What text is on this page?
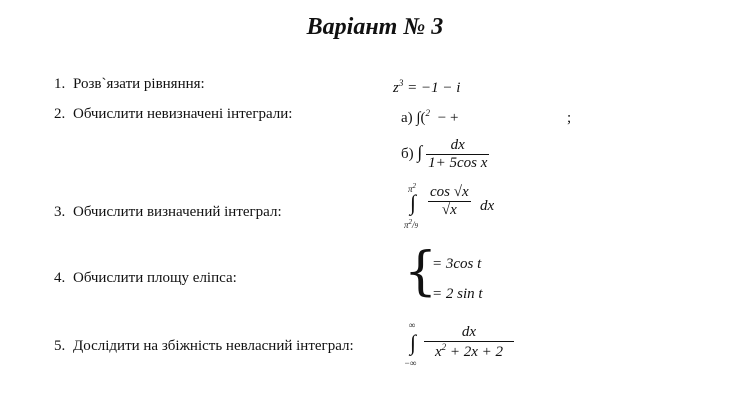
Варіант № 3
1. Розв`язати рівняння:
2. Обчислити невизначені інтеграли:
3. Обчислити визначений інтеграл:
4. Обчислити площу еліпса:
5. Дослідити на збіжність невласний інтеграл:
$z^3 = -1 - i$
а) ∫($^2$ − +	;
б) ∫ $\frac{dx}{\text{1+ 5cos x}}$
$\pi^2$
∫
$\pi^2/9$
$\frac{\cos √x}{√x}$ dx
{
= 3cos t
= 2 sin t
∞
∫
−∞
$\frac{dx}{x^2 + 2x + 2}$
